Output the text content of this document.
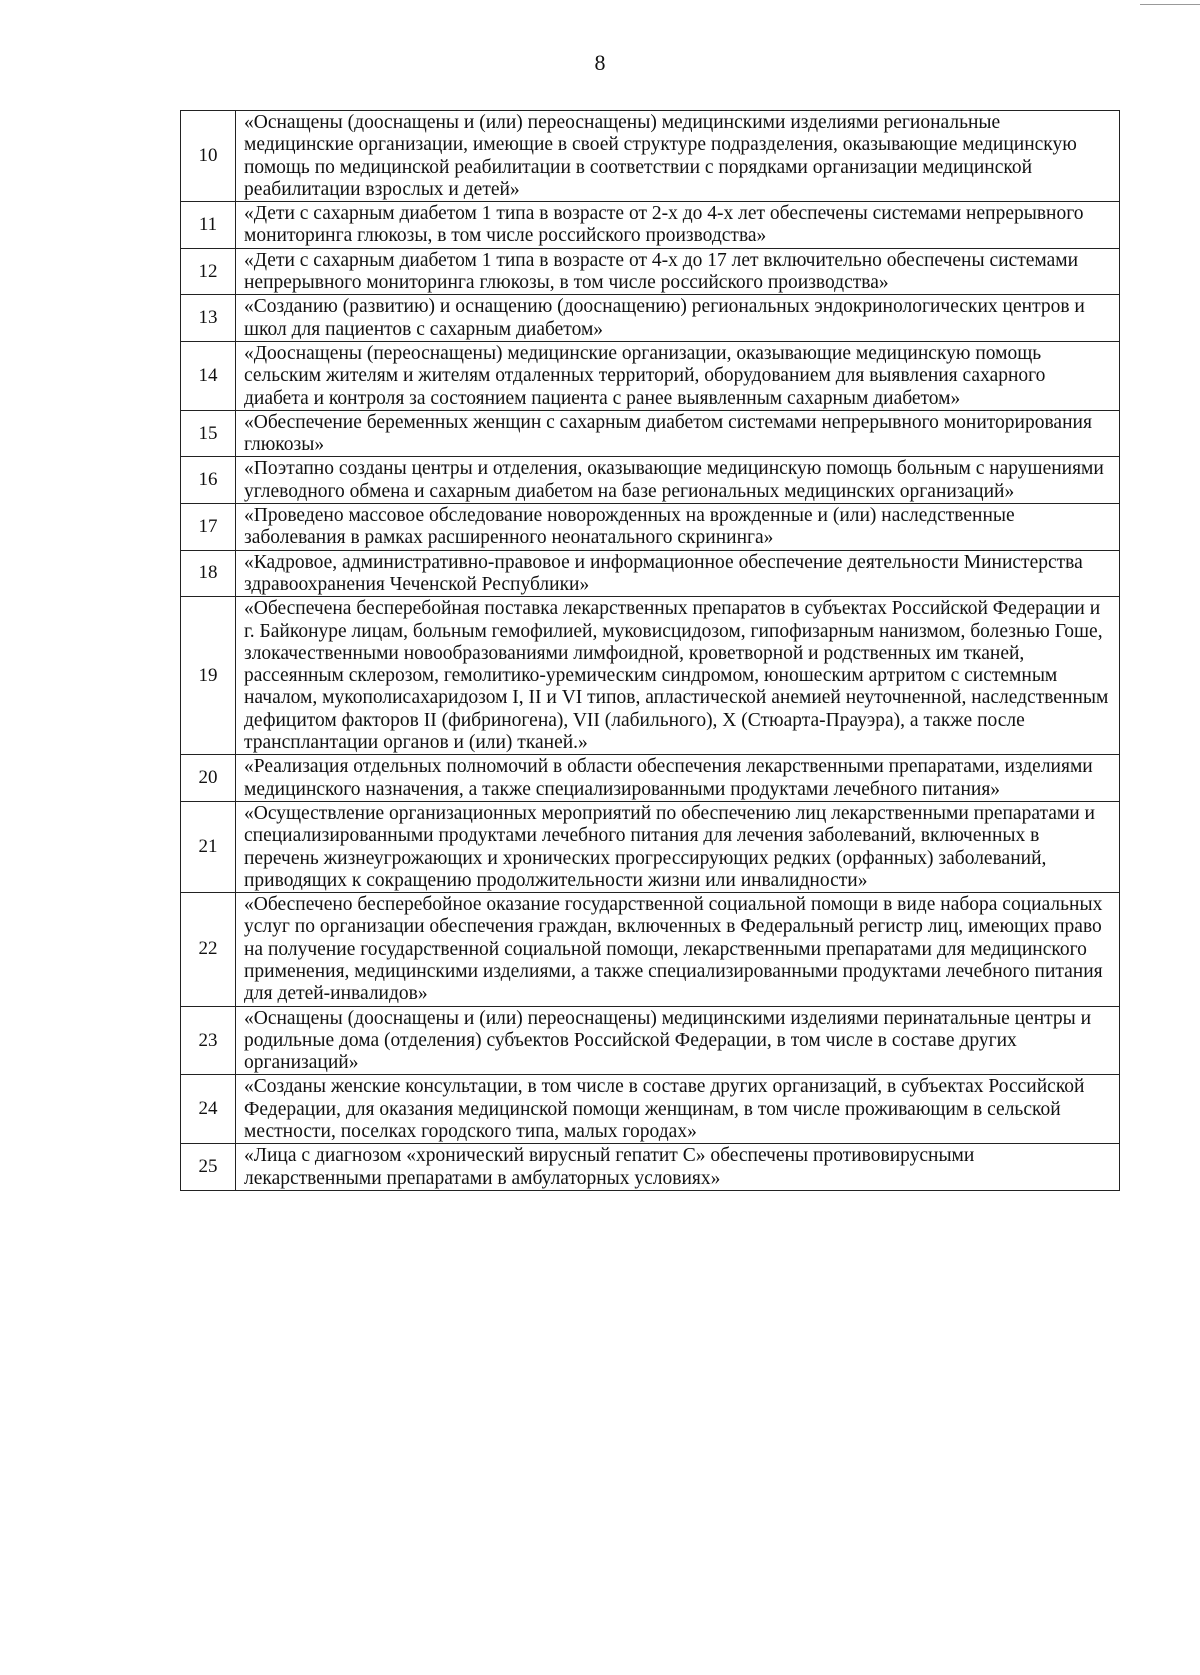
8
10	«Оснащены (дооснащены и (или) переоснащены) медицинскими изделиями региональные медицинские организации, имеющие в своей структуре подразделения, оказывающие медицинскую помощь по медицинской реабилитации в соответствии с порядками организации медицинской реабилитации взрослых и детей»
11	«Дети с сахарным диабетом 1 типа в возрасте от 2-х до 4-х лет обеспечены системами непрерывного мониторинга глюкозы, в том числе российского производства»
12	«Дети с сахарным диабетом 1 типа в возрасте от 4-х до 17 лет включительно обеспечены системами непрерывного мониторинга глюкозы, в том числе российского производства»
13	«Созданию (развитию) и оснащению (дооснащению) региональных эндокринологических центров и школ для пациентов с сахарным диабетом»
14	«Дооснащены (переоснащены) медицинские организации, оказывающие медицинскую помощь сельским жителям и жителям отдаленных территорий, оборудованием для выявления сахарного диабета и контроля за состоянием пациента с ранее выявленным сахарным диабетом»
15	«Обеспечение беременных женщин с сахарным диабетом системами непрерывного мониторирования глюкозы»
16	«Поэтапно созданы центры и отделения, оказывающие медицинскую помощь больным с нарушениями углеводного обмена и сахарным диабетом на базе региональных медицинских организаций»
17	«Проведено массовое обследование новорожденных на врожденные и (или) наследственные заболевания в рамках расширенного неонатального скрининга»
18	«Кадровое, административно-правовое и информационное обеспечение деятельности Министерства здравоохранения Чеченской Республики»
19	«Обеспечена бесперебойная поставка лекарственных препаратов в субъектах Российской Федерации и г. Байконуре лицам, больным гемофилией, муковисцидозом, гипофизарным нанизмом, болезнью Гоше, злокачественными новообразованиями лимфоидной, кроветворной и родственных им тканей, рассеянным склерозом, гемолитико-уремическим синдромом, юношеским артритом с системным началом, мукополисахаридозом I, II и VI типов, апластической анемией неуточненной, наследственным дефицитом факторов II (фибриногена), VII (лабильного), X (Стюарта-Прауэра), а также после трансплантации органов и (или) тканей.»
20	«Реализация отдельных полномочий в области обеспечения лекарственными препаратами, изделиями медицинского назначения, а также специализированными продуктами лечебного питания»
21	«Осуществление организационных мероприятий по обеспечению лиц лекарственными препаратами и специализированными продуктами лечебного питания для лечения заболеваний, включенных в перечень жизнеугрожающих и хронических прогрессирующих редких (орфанных) заболеваний, приводящих к сокращению продолжительности жизни или инвалидности»
22	«Обеспечено бесперебойное оказание государственной социальной помощи в виде набора социальных услуг по организации обеспечения граждан, включенных в Федеральный регистр лиц, имеющих право на получение государственной социальной помощи, лекарственными препаратами для медицинского применения, медицинскими изделиями, а также специализированными продуктами лечебного питания для детей-инвалидов»
23	«Оснащены (дооснащены и (или) переоснащены) медицинскими изделиями перинатальные центры и родильные дома (отделения) субъектов Российской Федерации, в том числе в составе других организаций»
24	«Созданы женские консультации, в том числе в составе других организаций, в субъектах Российской Федерации, для оказания медицинской помощи женщинам, в том числе проживающим в сельской местности, поселках городского типа, малых городах»
25	«Лица с диагнозом «хронический вирусный гепатит С» обеспечены противовирусными лекарственными препаратами в амбулаторных условиях»
